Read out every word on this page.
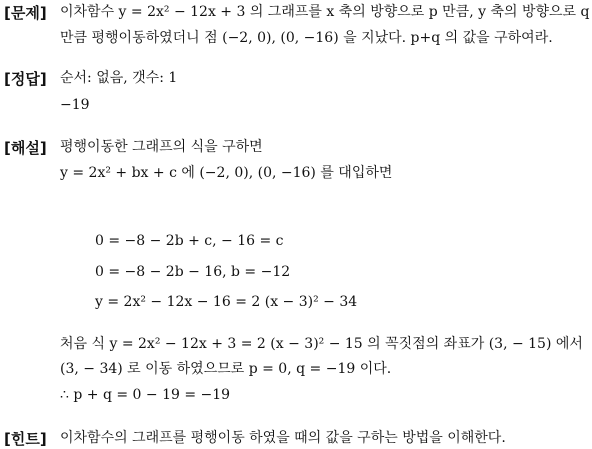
[문제] 이차함수 y = 2x² − 12x + 3 의 그래프를 x 축의 방향으로 p 만큼, y 축의 방향으로 q
만큼 평행이동하였더니 점 (−2, 0), (0, −16) 을 지났다. p+q 의 값을 구하여라.
[정답] 순서: 없음, 갯수: 1
−19
[해설] 평행이동한 그래프의 식을 구하면
y = 2x² + bx + c 에 (−2, 0), (0, −16) 를 대입하면
0 = −8 − 2b + c, − 16 = c
0 = −8 − 2b − 16, b = −12
y = 2x² − 12x − 16 = 2 (x − 3)² − 34
처음 식 y = 2x² − 12x + 3 = 2 (x − 3)² − 15 의 꼭짓점의 좌표가 (3, − 15) 에서
(3, − 34) 로 이동 하였으므로 p = 0, q = −19 이다.
∴ p + q = 0 − 19 = −19
[힌트] 이차함수의 그래프를 평행이동 하였을 때의 값을 구하는 방법을 이해한다.
